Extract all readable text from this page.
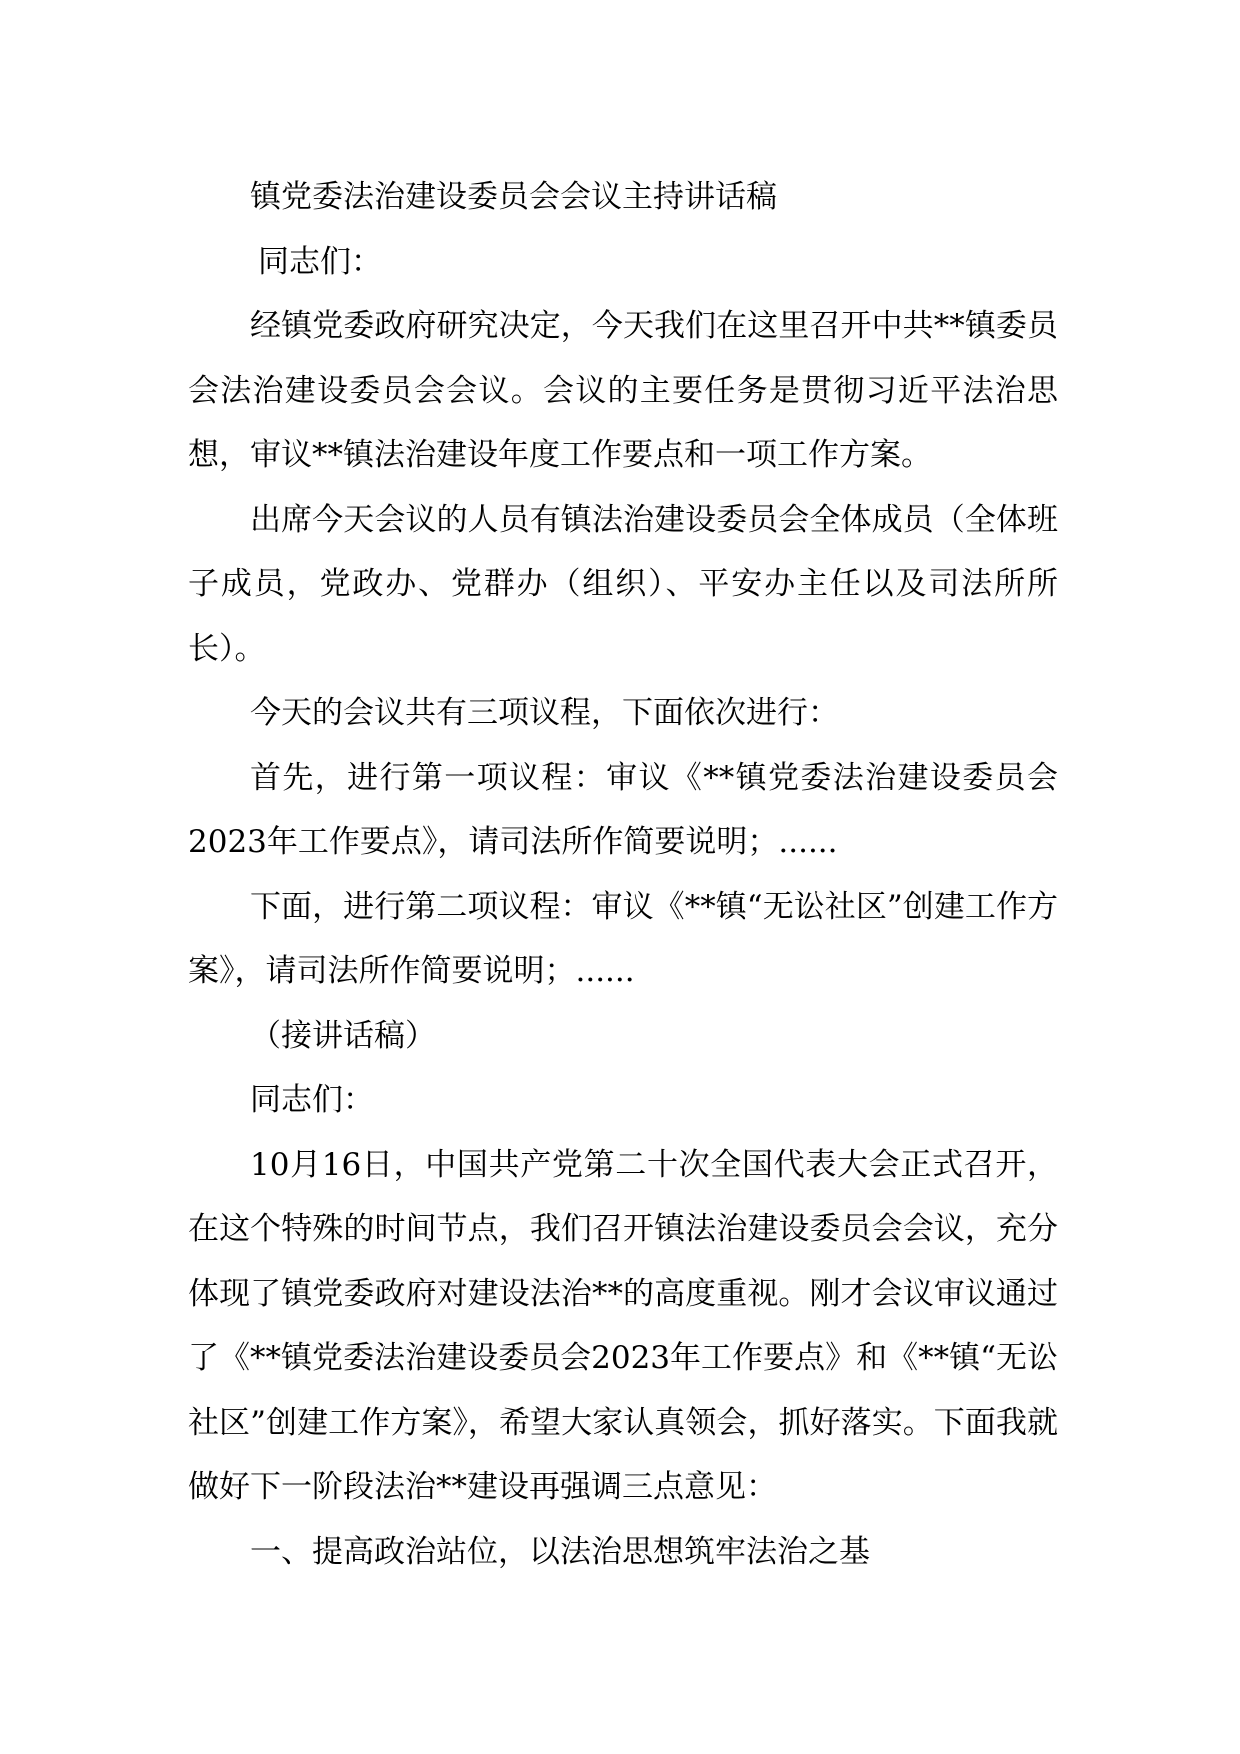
镇党委法治建设委员会会议主持讲话稿

同志们：

经镇党委政府研究决定，今天我们在这里召开中共**镇委员会法治建设委员会会议。会议的主要任务是贯彻习近平法治思想，审议**镇法治建设年度工作要点和一项工作方案。

出席今天会议的人员有镇法治建设委员会全体成员（全体班子成员，党政办、党群办（组织）、平安办主任以及司法所所长）。

今天的会议共有三项议程，下面依次进行：

首先，进行第一项议程：审议《**镇党委法治建设委员会2023年工作要点》，请司法所作简要说明；......

下面，进行第二项议程：审议《**镇“无讼社区”创建工作方案》，请司法所作简要说明；......

（接讲话稿）

同志们：

10月16日，中国共产党第二十次全国代表大会正式召开，在这个特殊的时间节点，我们召开镇法治建设委员会会议，充分体现了镇党委政府对建设法治**的高度重视。刚才会议审议通过了《**镇党委法治建设委员会2023年工作要点》和《**镇“无讼社区”创建工作方案》，希望大家认真领会，抓好落实。下面我就做好下一阶段法治**建设再强调三点意见：

一、提高政治站位，以法治思想筑牢法治之基
